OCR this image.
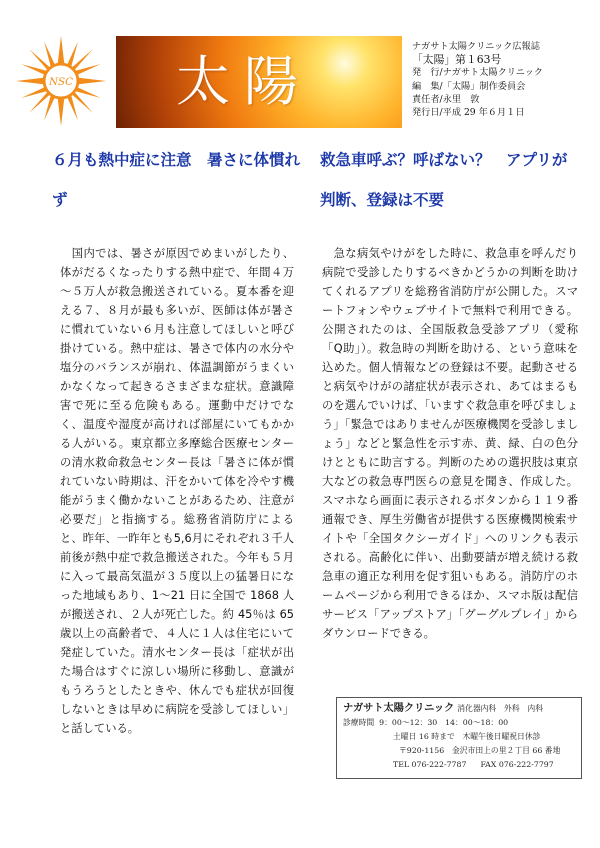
NSC 太陽
ナガサト太陽クリニック広報誌
「太陽」第１63号
発　行/ナガサト太陽クリニック
編　集/「太陽」制作委員会
責任者/永里　敦
発行日/平成 29 年６月１日
６月も熱中症に注意　暑さに体慣れず
　国内では、暑さが原因でめまいがしたり、体がだるくなったりする熱中症で、年間４万～５万人が救急搬送されている。夏本番を迎える７、８月が最も多いが、医師は体が暑さに慣れていない６月も注意してほしいと呼び掛けている。熱中症は、暑さで体内の水分や塩分のバランスが崩れ、体温調節がうまくいかなくなって起きるさまざまな症状。意識障害で死に至る危険もある。運動中だけでなく、温度や湿度が高ければ部屋にいてもかかる人がいる。東京都立多摩総合医療センターの清水救命救急センター長は「暑さに体が慣れていない時期は、汗をかいて体を冷やす機能がうまく働かないことがあるため、注意が必要だ」と指摘する。総務省消防庁によると、昨年、一昨年とも5,6月にそれぞれ３千人前後が熱中症で救急搬送された。今年も５月に入って最高気温が３５度以上の猛暑日になった地域もあり、1～21 日に全国で 1868 人が搬送され、２人が死亡した。約 45％は 65 歳以上の高齢者で、４人に１人は住宅にいて発症していた。清水センター長は「症状が出た場合はすぐに涼しい場所に移動し、意識がもうろうとしたときや、休んでも症状が回復しないときは早めに病院を受診してほしい」と話している。
救急車呼ぶ？呼ばない？　アプリが判断、登録は不要
　急な病気やけがをした時に、救急車を呼んだり病院で受診したりするべきかどうかの判断を助けてくれるアプリを総務省消防庁が公開した。スマートフォンやウェブサイトで無料で利用できる。公開されたのは、全国版救急受診アプリ（愛称「Q助」）。救急時の判断を助ける、という意味を込めた。個人情報などの登録は不要。起動させると病気やけがの諸症状が表示され、あてはまるものを選んでいけば、「いますぐ救急車を呼びましょう」「緊急ではありませんが医療機関を受診しましょう」などと緊急性を示す赤、黄、緑、白の色分けとともに助言する。判断のための選択肢は東京大などの救急専門医らの意見を聞き、作成した。スマホなら画面に表示されるボタンから１１９番通報でき、厚生労働省が提供する医療機関検索サイトや「全国タクシーガイド」へのリンクも表示される。高齢化に伴い、出動要請が増え続ける救急車の適正な利用を促す狙いもある。消防庁のホームページから利用できるほか、スマホ版は配信サービス「アップストア」「グーグルプレイ」からダウンロードできる。
ナガサト太陽クリニック 消化器内科　外科　内科
診療時間 9：00～12：30　14：00～18：00
土曜日 16 時まで　木曜午後日曜祝日休診
〒920-1156　金沢市田上の里２丁目 66 番地
TEL 076-222-7787 FAX 076-222-7797
